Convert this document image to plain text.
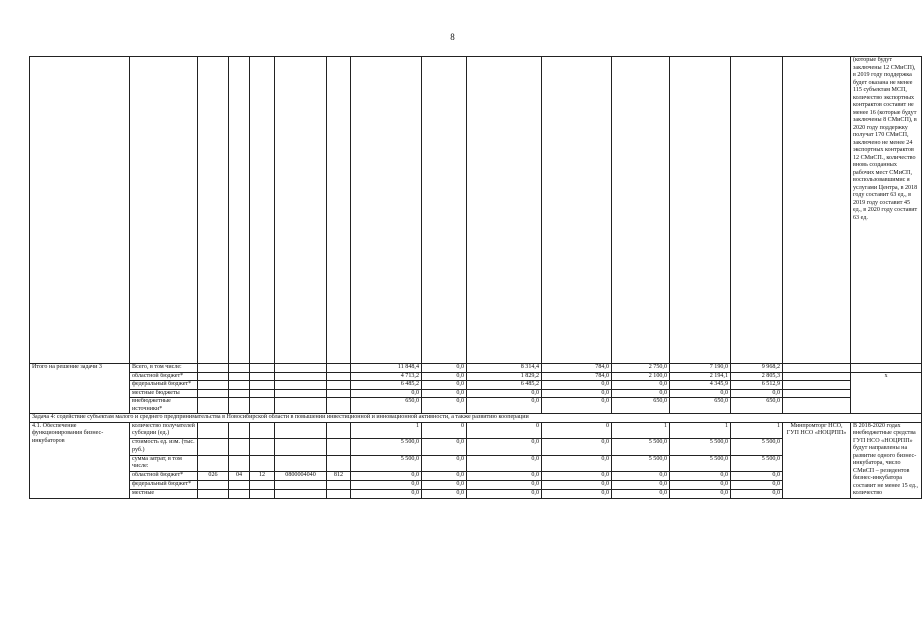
8
															(которые будут заключены 12 СМиСП), в 2019 году поддержка будет оказана не менее 115 субъектам МСП, количество экспортных контрактов составит не менее 16 (которые будут заключены 8 СМиСП), в 2020 году поддержку получат 170 СМиСП, заключено не менее 24 экспортных контрактов 12 СМиСП., количество вновь созданных рабочих мест СМиСП, воспользовавшимис я услугами Центра, в 2018 году составит 63 ед., в 2019 году составит 45 ед., в 2020 году составит 63 ед.
Итого на решение задачи 3	Всего, в том числе:						11 848,4	0,0	8 314,4	784,0	2 750,0	7 190,0	9 968,2		
	областной бюджет*						4 713,2	0,0	1 829,2	784,0	2 100,0	2 194,1	2 805,3		х
	федеральный бюджет*						6 485,2	0,0	6 485,2	0,0	0,0	4 345,9	6 512,9		
	местные бюджеты						0,0	0,0	0,0	0,0	0,0	0,0	0,0		
	внебюджетные источники*						650,0	0,0	0,0	0,0	650,0	650,0	650,0		
Задача 4: содействие субъектам малого и среднего предпринимательства в Новосибирской области в повышении инвестиционной и инновационной активности, а также развитию кооперации															
4.1. Обеспечение функционирования бизнес-инкубаторов	количество получателей субсидии (ед.)						1	0	0	0	1	1	1	Минпромторг НСО, ГУП НСО «НОЦРПП»	В 2018-2020 годах внебюджетные средства ГУП НСО «НОЦРПП» будут направлены на развитие одного бизнес-инкубатора, число СМиСП – резидентов бизнес-инкубатора составит не менее 15 ед., количество
	стоимость ед. изм. (тыс. руб.)						5 500,0	0,0	0,0	0,0	5 500,0	5 500,0	5 500,0		
	сумма затрат, в том числе:						5 500,0	0,0	0,0	0,0	5 500,0	5 500,0	5 500,0		
	областной бюджет*	026	04	12	0800004040	812	0,0	0,0	0,0	0,0	0,0	0,0	0,0		
	федеральный бюджет*						0,0	0,0	0,0	0,0	0,0	0,0	0,0		
	местные						0,0	0,0	0,0	0,0	0,0	0,0	0,0		
